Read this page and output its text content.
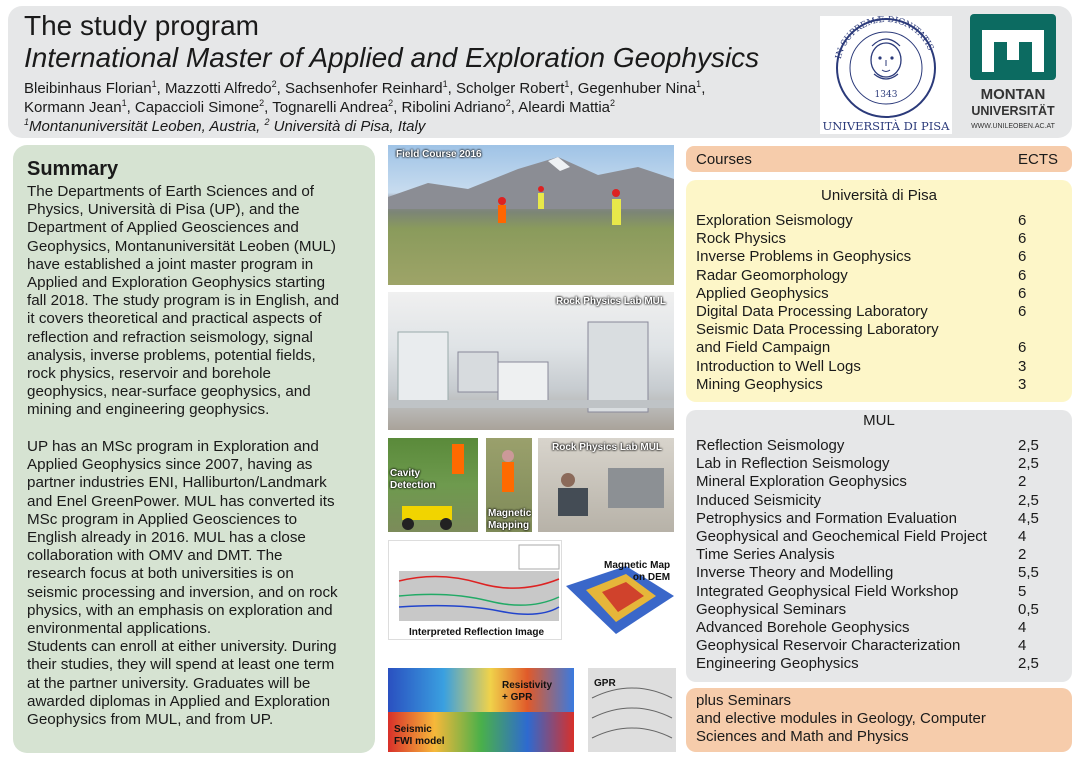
The study program
International Master of Applied and Exploration Geophysics
Bleibinhaus Florian$^1$, Mazzotti Alfredo$^2$, Sachsenhofer Reinhard$^1$, Scholger Robert$^1$, Gegenhuber Nina$^1$,
Kormann Jean$^1$, Capaccioli Simone$^2$, Tognarelli Andrea$^2$, Ribolini Adriano$^2$, Aleardi Mattia$^2$
$^1$Montanuniversität Leoben, Austria, $^2$ Università di Pisa, Italy
IN SUPREMÆ DIGNITATIS
1343
UNIVERSITÀ DI PISA
MONTAN
UNIVERSITÄT
WWW.UNILEOBEN.AC.AT
Summary
The Departments of Earth Sciences and of
Physics, Università di Pisa (UP), and the
Department of Applied Geosciences and
Geophysics, Montanuniversität Leoben (MUL)
have established a joint master program in
Applied and Exploration Geophysics starting
fall 2018. The study program is in English, and
it covers theoretical and practical aspects of
reflection and refraction seismology, signal
analysis, inverse problems, potential fields,
rock physics, reservoir and borehole
geophysics, near-surface geophysics, and
mining and engineering geophysics.
UP has an MSc program in Exploration and
Applied Geophysics since 2007, having as
partner industries ENI, Halliburton/Landmark
and Enel GreenPower. MUL has converted its
MSc program in Applied Geosciences to
English already in 2016. MUL has a close
collaboration with OMV and DMT. The
research focus at both universities is on
seismic processing and inversion, and on rock
physics, with an emphasis on exploration and
environmental applications.
Students can enroll at either university. During
their studies, they will spend at least one term
at the partner university. Graduates will be
awarded diplomas in Applied and Exploration
Geophysics from MUL, and from UP.
Field Course 2016
Rock Physics Lab MUL
Cavity
Detection
Magnetic
Mapping
Rock Physics Lab MUL
Interpreted Reflection Image
Magnetic Map
on DEM
Resistivity
+ GPR
Seismic
FWI model
GPR
Courses	ECTS
Università di Pisa
Exploration Seismology	6
Rock Physics	6
Inverse Problems in Geophysics	6
Radar Geomorphology	6
Applied Geophysics	6
Digital Data Processing Laboratory	6
Seismic Data Processing Laboratory
and Field Campaign	6
Introduction to Well Logs	3
Mining Geophysics	3
MUL
Reflection Seismology	2,5
Lab in Reflection Seismology	2,5
Mineral Exploration Geophysics	2
Induced Seismicity	2,5
Petrophysics and Formation Evaluation	4,5
Geophysical and Geochemical Field Project	4
Time Series Analysis	2
Inverse Theory and Modelling	5,5
Integrated Geophysical Field Workshop	5
Geophysical Seminars	0,5
Advanced Borehole Geophysics	4
Geophysical Reservoir Characterization	4
Engineering Geophysics	2,5
plus Seminars
and elective modules in Geology, Computer
Sciences and Math and Physics
